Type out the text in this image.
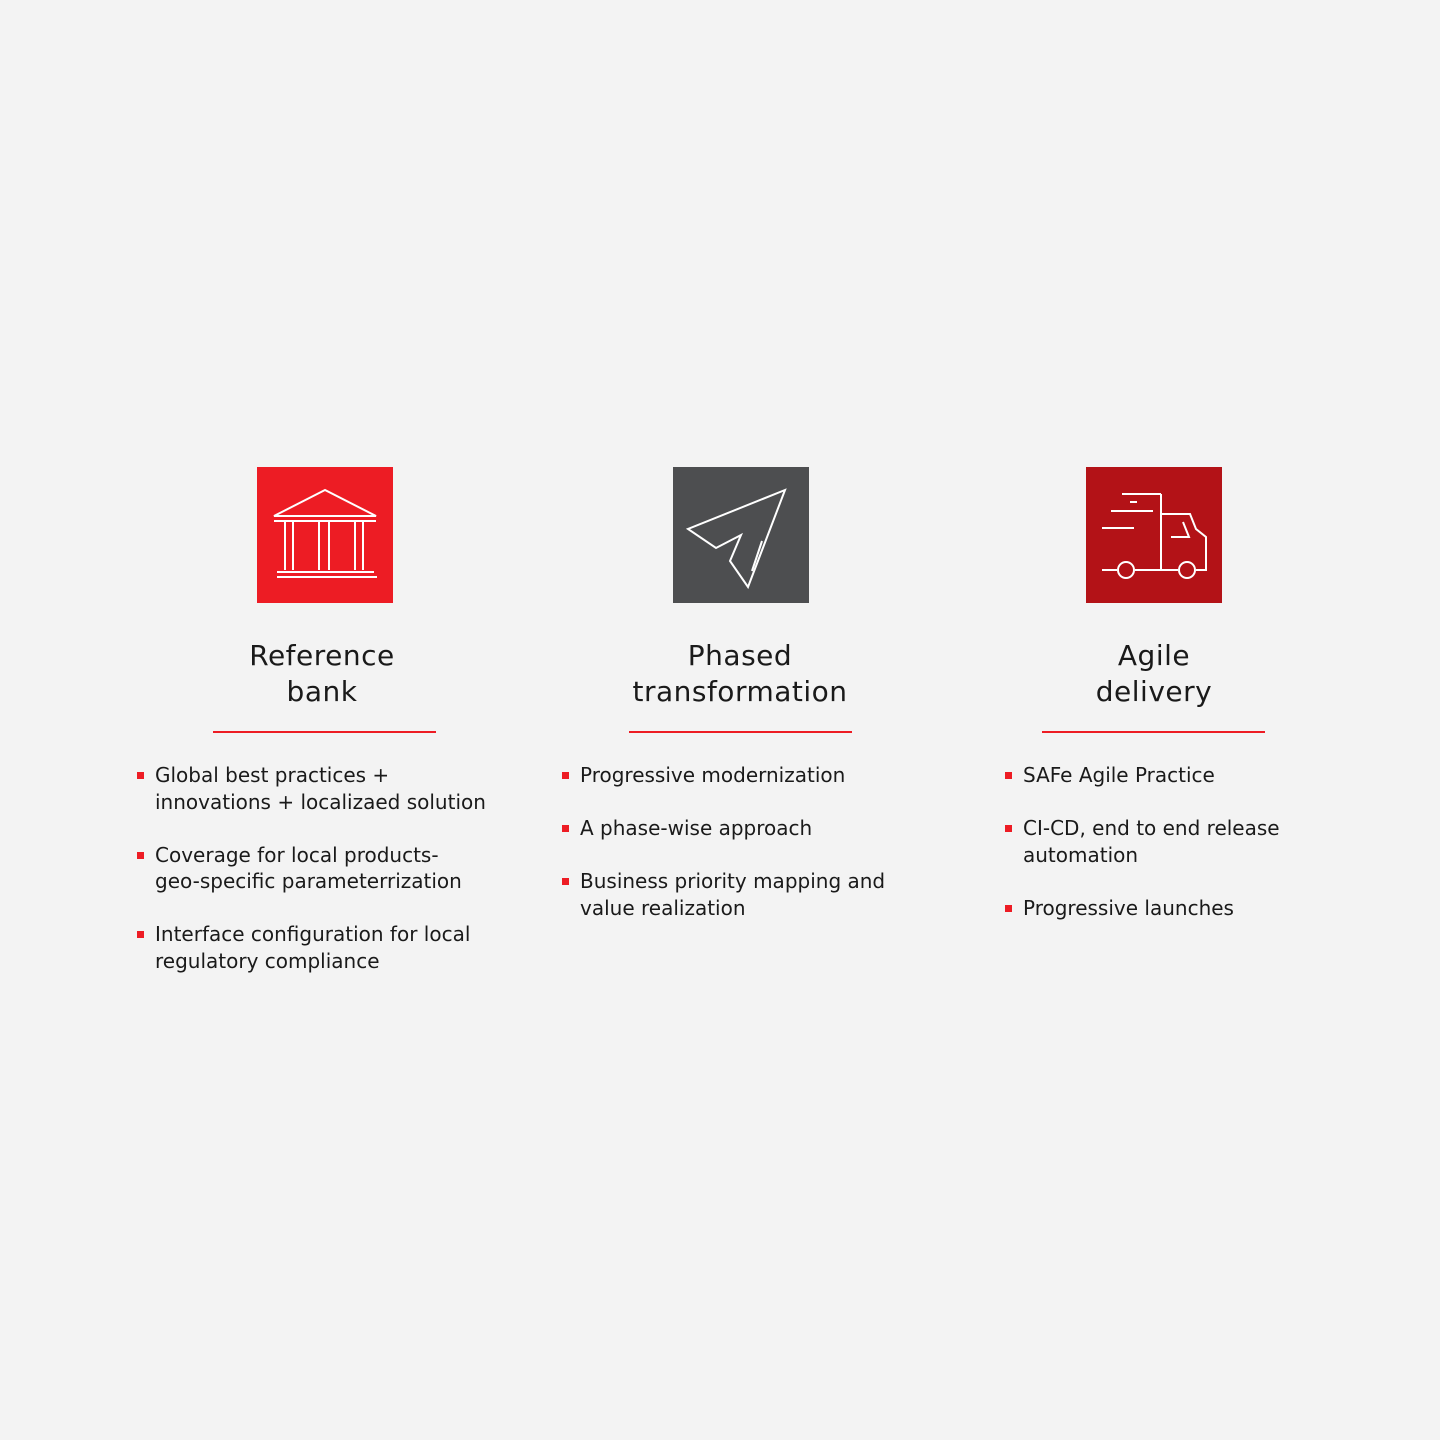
Reference
bank
Global best practices +
innovations + localizaed solution
Coverage for local products-
geo-specific parameterrization
Interface configuration for local
regulatory compliance
Phased
transformation
Progressive modernization
A phase-wise approach
Business priority mapping and
value realization
Agile
delivery
SAFe Agile Practice
CI-CD, end to end release
automation
Progressive launches
